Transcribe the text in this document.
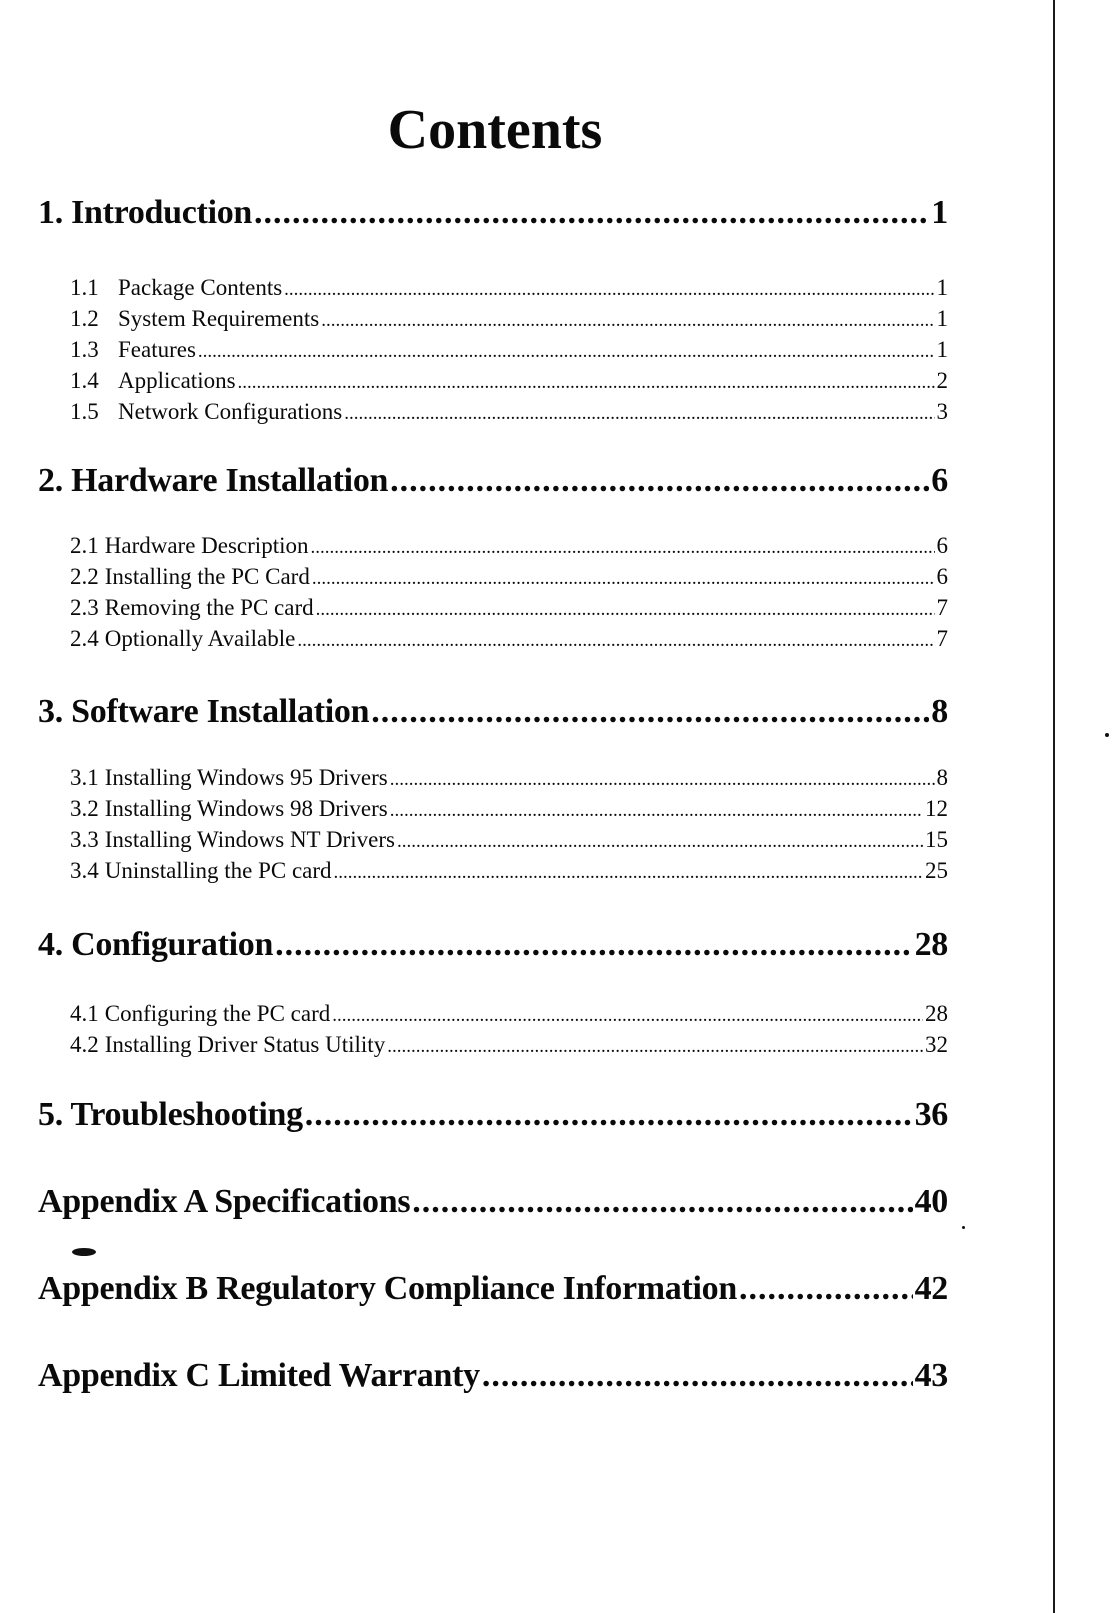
Contents
1. Introduction .....	1
1.1 Package Contents .....	1
1.2 System Requirements .....	1
1.3 Features .....	1
1.4 Applications .....	2
1.5 Network Configurations .....	3
2. Hardware Installation .....	6
2.1 Hardware Description .....	6
2.2 Installing the PC Card .....	6
2.3 Removing the PC card .....	7
2.4 Optionally Available .....	7
3. Software Installation .....	8
3.1 Installing Windows 95 Drivers .....	8
3.2 Installing Windows 98 Drivers .....	12
3.3 Installing Windows NT Drivers .....	15
3.4 Uninstalling the PC card .....	25
4. Configuration .....	28
4.1 Configuring the PC card .....	28
4.2 Installing Driver Status Utility .....	32
5. Troubleshooting .....	36
Appendix A Specifications .....	40
Appendix B Regulatory Compliance Information .....	42
Appendix C Limited Warranty .....	43
